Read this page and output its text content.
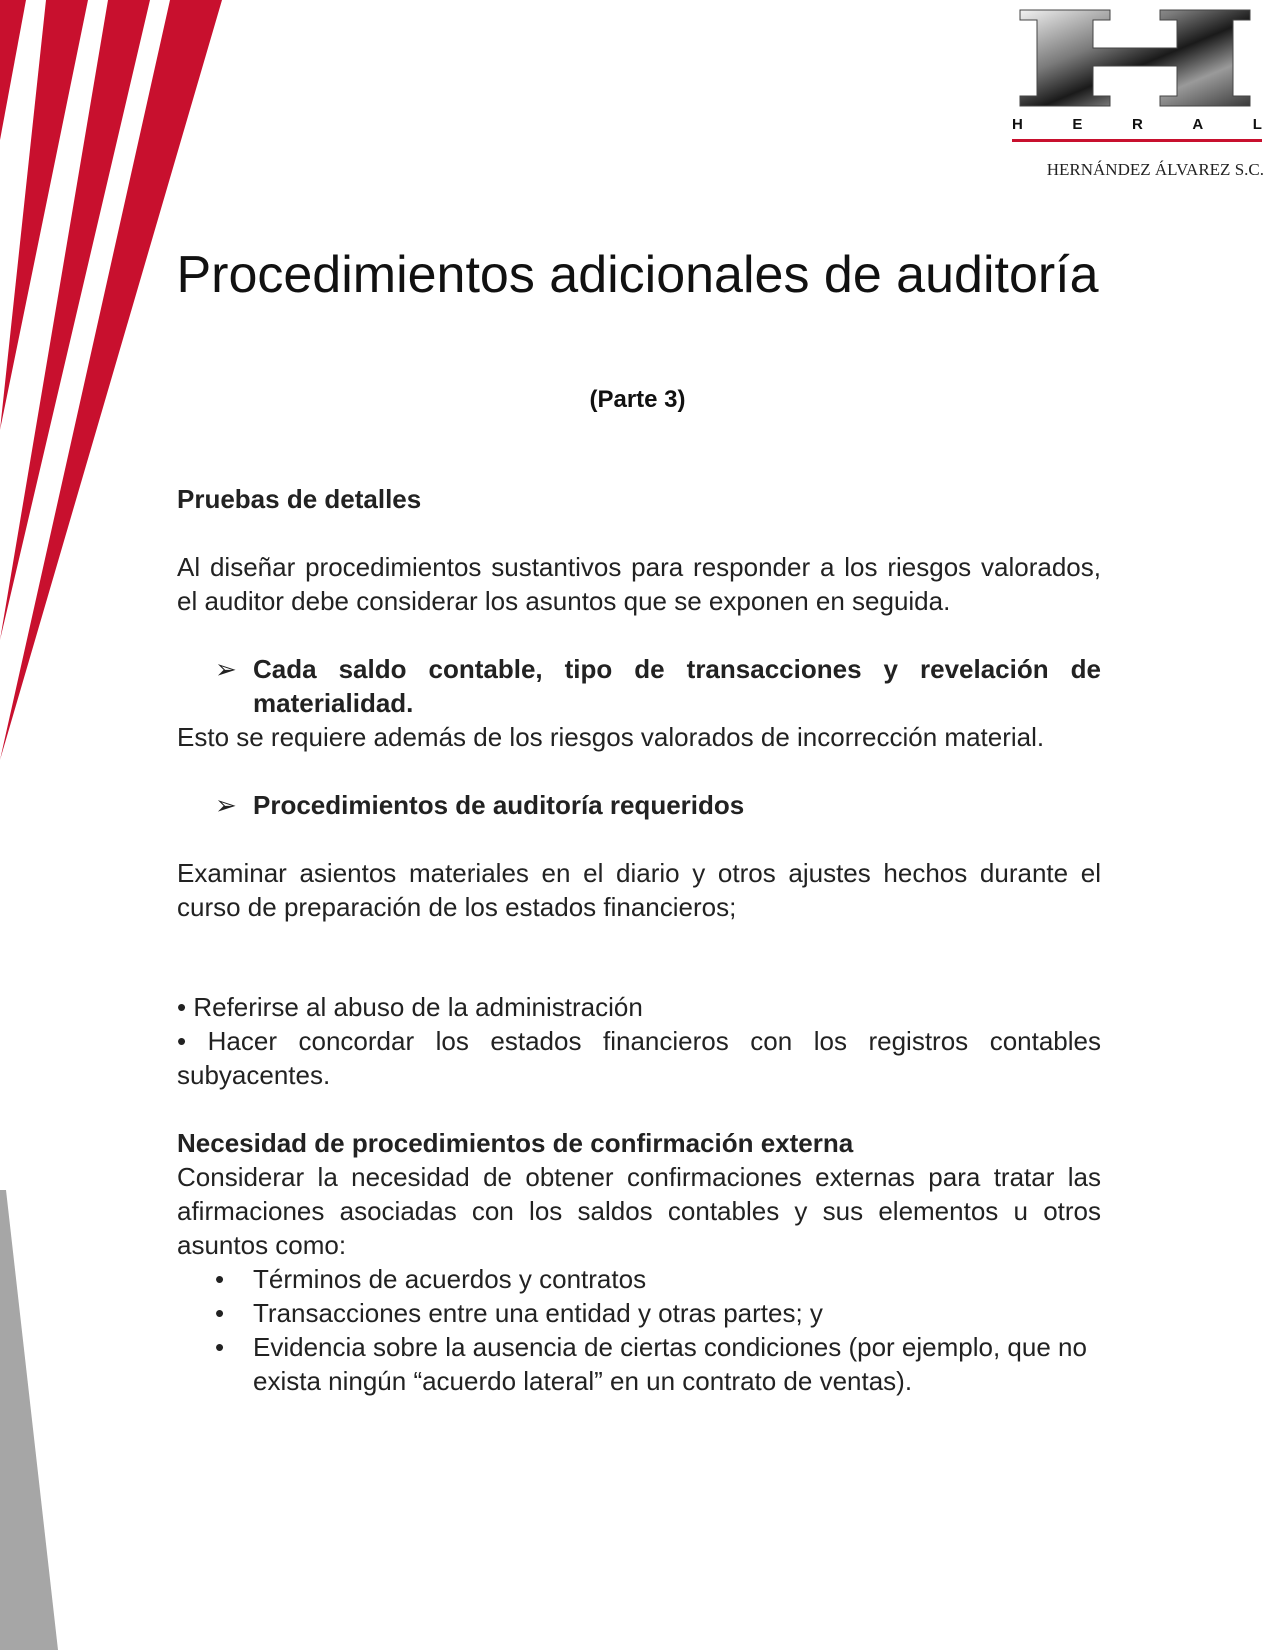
H	E	R	A	L
HERNÁNDEZ ÁLVAREZ S.C.
Procedimientos adicionales de auditoría
(Parte 3)

Pruebas de detalles

Al diseñar procedimientos sustantivos para responder a los riesgos valorados, el auditor debe considerar los asuntos que se exponen en seguida.

➢ Cada saldo contable, tipo de transacciones y revelación de materialidad.

Esto se requiere además de los riesgos valorados de incorrección material.

➢ Procedimientos de auditoría requeridos

Examinar asientos materiales en el diario y otros ajustes hechos durante el curso de preparación de los estados financieros;

• Referirse al abuso de la administración

• Hacer concordar los estados financieros con los registros contables subyacentes.

Necesidad de procedimientos de confirmación externa

Considerar la necesidad de obtener confirmaciones externas para tratar las afirmaciones asociadas con los saldos contables y sus elementos u otros asuntos como:

•	Términos de acuerdos y contratos
•	Transacciones entre una entidad y otras partes; y
•	Evidencia sobre la ausencia de ciertas condiciones (por ejemplo, que no exista ningún “acuerdo lateral” en un contrato de ventas).
